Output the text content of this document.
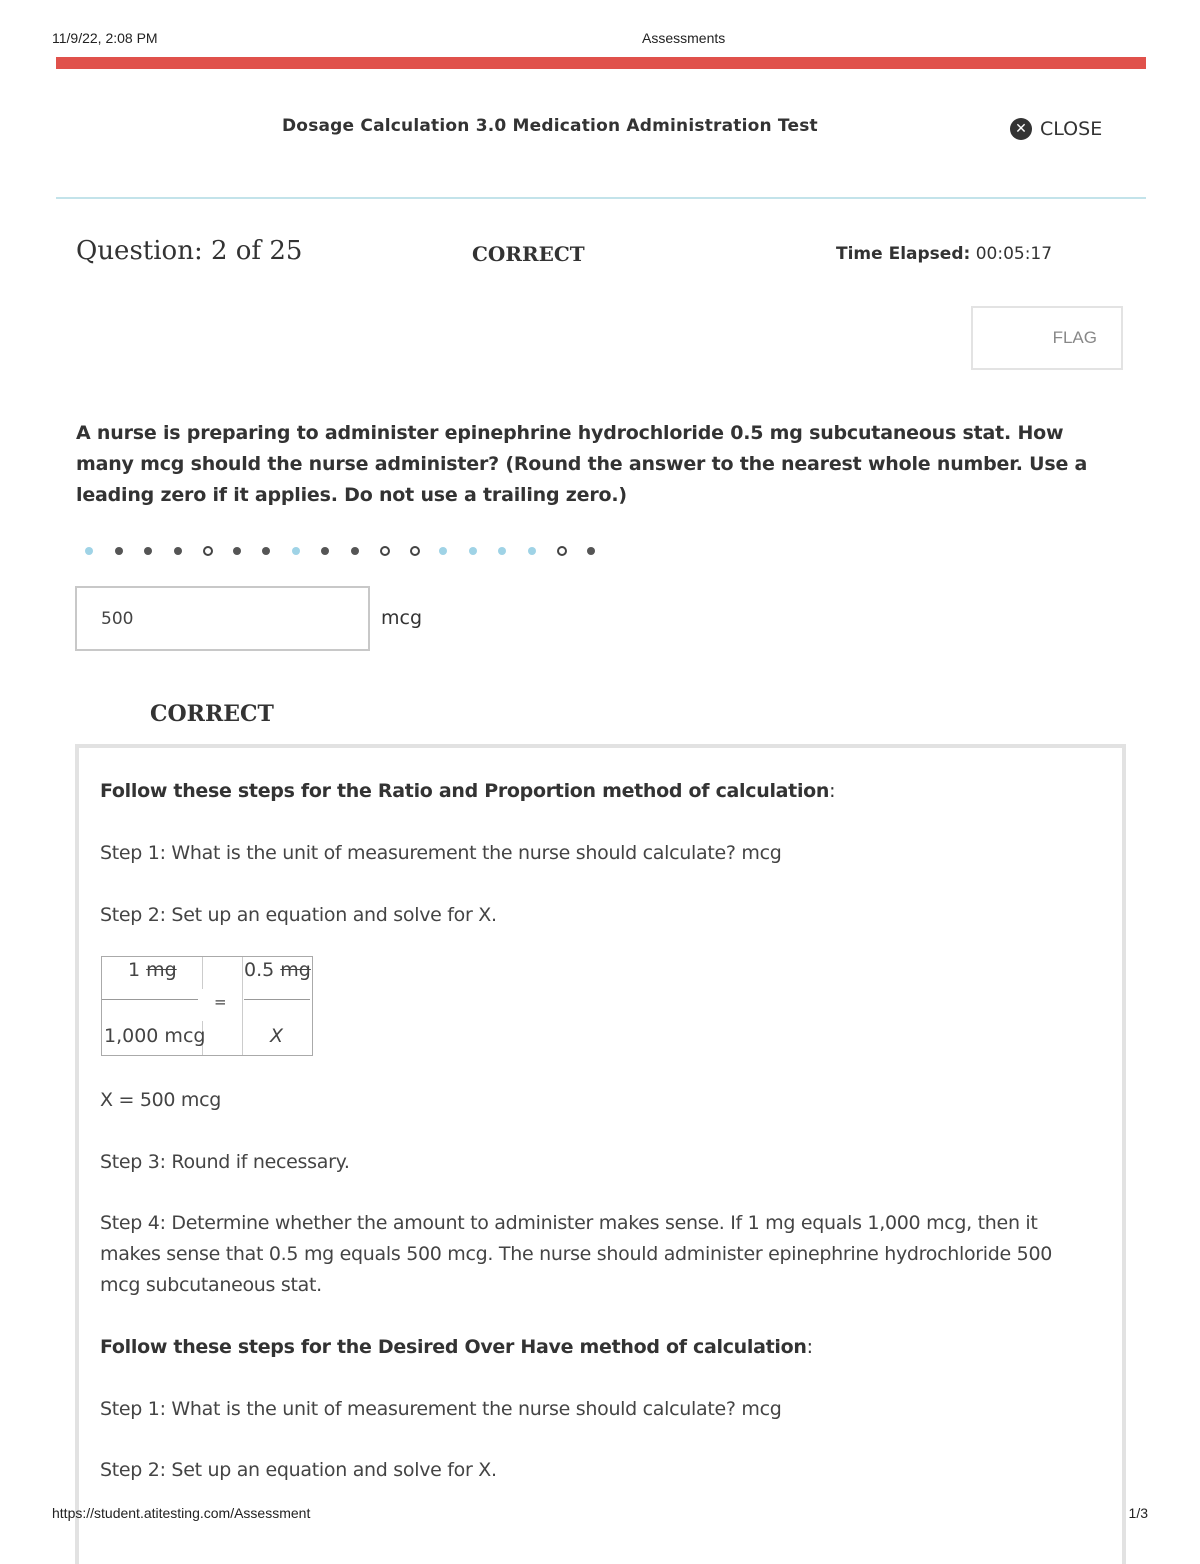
11/9/22, 2:08 PM	Assessments
Dosage Calculation 3.0 Medication Administration Test	✕ CLOSE
Question: 2 of 25	CORRECT	Time Elapsed: 00:05:17
FLAG
A nurse is preparing to administer epinephrine hydrochloride 0.5 mg subcutaneous stat. How many mcg should the nurse administer? (Round the answer to the nearest whole number. Use a leading zero if it applies. Do not use a trailing zero.)
500
mcg
CORRECT

Follow these steps for the Ratio and Proportion method of calculation:

Step 1: What is the unit of measurement the nurse should calculate? mcg

Step 2: Set up an equation and solve for X.

1 mg	0.5 mg
=
1,000 mcg	X

X = 500 mcg

Step 3: Round if necessary.

Step 4: Determine whether the amount to administer makes sense. If 1 mg equals 1,000 mcg, then it makes sense that 0.5 mg equals 500 mcg. The nurse should administer epinephrine hydrochloride 500 mcg subcutaneous stat.

Follow these steps for the Desired Over Have method of calculation:

Step 1: What is the unit of measurement the nurse should calculate? mcg

Step 2: Set up an equation and solve for X.

https://student.atitesting.com/Assessment	1/3
